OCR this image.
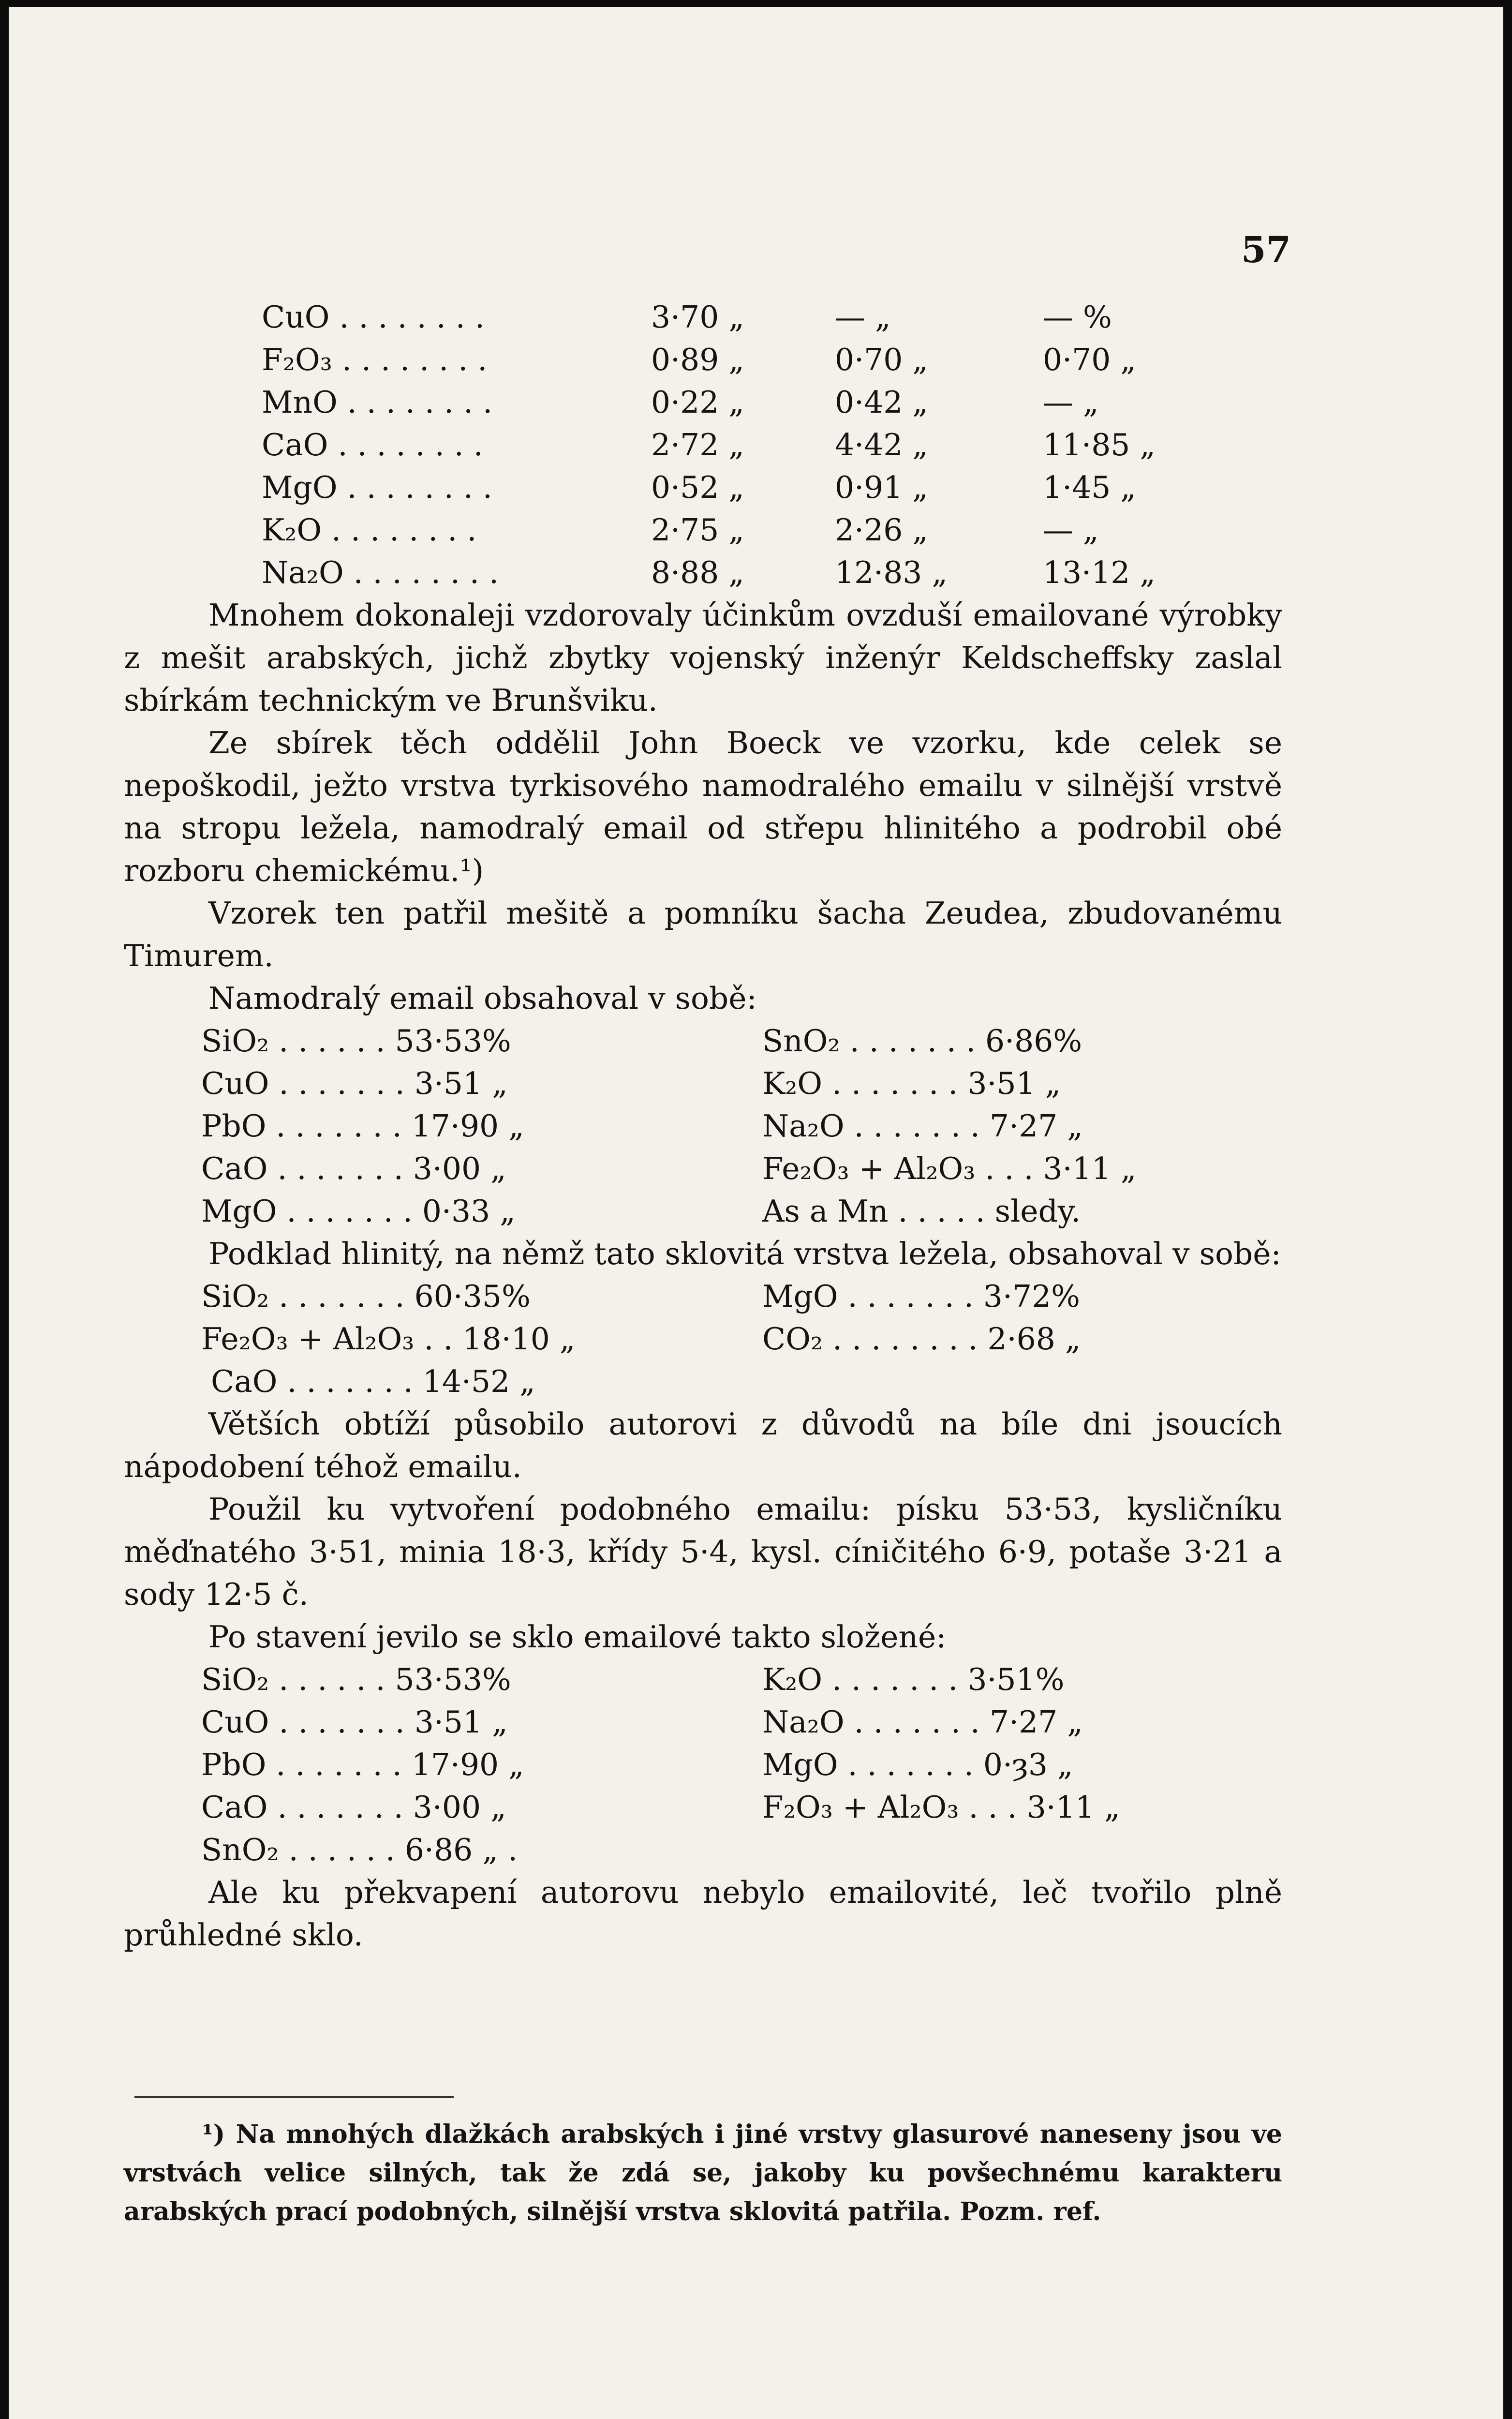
57
CuO . . . . . . . .	3·70 „	— „	— %
F₂O₃ . . . . . . . .	0·89 „	0·70 „	0·70 „
MnO . . . . . . . .	0·22 „	0·42 „	— „
CaO . . . . . . . .	2·72 „	4·42 „	11·85 „
MgO . . . . . . . .	0·52 „	0·91 „	1·45 „
K₂O . . . . . . . .	2·75 „	2·26 „	— „
Na₂O . . . . . . . .	8·88 „	12·83 „	13·12 „

Mnohem dokonaleji vzdorovaly účinkům ovzduší emailované výrobky z mešit arabských, jichž zbytky vojenský inženýr Keldscheffsky zaslal sbírkám technickým ve Brunšviku.

Ze sbírek těch oddělil John Boeck ve vzorku, kde celek se nepoškodil, ježto vrstva tyrkisového namodralého emailu v silnější vrstvě na stropu ležela, namodralý email od střepu hlinitého a podrobil obé rozboru chemickému.¹)

Vzorek ten patřil mešitě a pomníku šacha Zeudea, zbudovanému Timurem.

Namodralý email obsahoval v sobě:

SiO₂ . . . . . . 53·53%	SnO₂ . . . . . . . 6·86%
CuO . . . . . . . 3·51 „	K₂O . . . . . . . 3·51 „
PbO . . . . . . . 17·90 „	Na₂O . . . . . . . 7·27 „
CaO . . . . . . . 3·00 „	Fe₂O₃ + Al₂O₃ . . . 3·11 „
MgO . . . . . . . 0·33 „	As a Mn . . . . . sledy.

Podklad hlinitý, na němž tato sklovitá vrstva ležela, obsahoval v sobě:

SiO₂ . . . . . . . 60·35%	MgO . . . . . . . 3·72%
Fe₂O₃ + Al₂O₃ . . 18·10 „	CO₂ . . . . . . . . 2·68 „
CaO . . . . . . . 14·52 „

Větších obtíží působilo autorovi z důvodů na bíle dni jsoucích nápodobení téhož emailu.

Použil ku vytvoření podobného emailu: písku 53·53, kysličníku měďnatého 3·51, minia 18·3, křídy 5·4, kysl. cíničitého 6·9, potaše 3·21 a sody 12·5 č.

Po stavení jevilo se sklo emailové takto složené:

SiO₂ . . . . . . 53·53%	K₂O . . . . . . . 3·51%
CuO . . . . . . . 3·51 „	Na₂O . . . . . . . 7·27 „
PbO . . . . . . . 17·90 „	MgO . . . . . . . 0·ȝ3 „
CaO . . . . . . . 3·00 „	F₂O₃ + Al₂O₃ . . . 3·11 „
SnO₂ . . . . . . 6·86 „ .

Ale ku překvapení autorovu nebylo emailovité, leč tvořilo plně průhledné sklo.

¹) Na mnohých dlažkách arabských i jiné vrstvy glasurové naneseny jsou ve vrstvách velice silných, tak že zdá se, jakoby ku povšechnému karakteru arabských prací podobných, silnější vrstva sklovitá patřila. Pozm. ref.
